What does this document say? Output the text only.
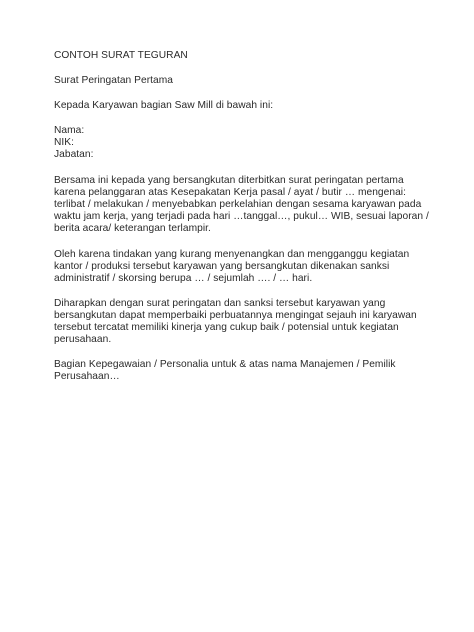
CONTOH SURAT TEGURAN
Surat Peringatan Pertama
Kepada Karyawan bagian Saw Mill di bawah ini:
Nama:
NIK:
Jabatan:
Bersama ini kepada yang bersangkutan diterbitkan surat peringatan pertama
karena pelanggaran atas Kesepakatan Kerja pasal / ayat / butir … mengenai:
terlibat / melakukan / menyebabkan perkelahian dengan sesama karyawan pada
waktu jam kerja, yang terjadi pada hari …tanggal…, pukul… WIB, sesuai laporan /
berita acara/ keterangan terlampir.
Oleh karena tindakan yang kurang menyenangkan dan mengganggu kegiatan
kantor / produksi tersebut karyawan yang bersangkutan dikenakan sanksi
administratif / skorsing berupa … / sejumlah …. / … hari.
Diharapkan dengan surat peringatan dan sanksi tersebut karyawan yang
bersangkutan dapat memperbaiki perbuatannya mengingat sejauh ini karyawan
tersebut tercatat memiliki kinerja yang cukup baik / potensial untuk kegiatan
perusahaan.
Bagian Kepegawaian / Personalia untuk & atas nama Manajemen / Pemilik
Perusahaan…
